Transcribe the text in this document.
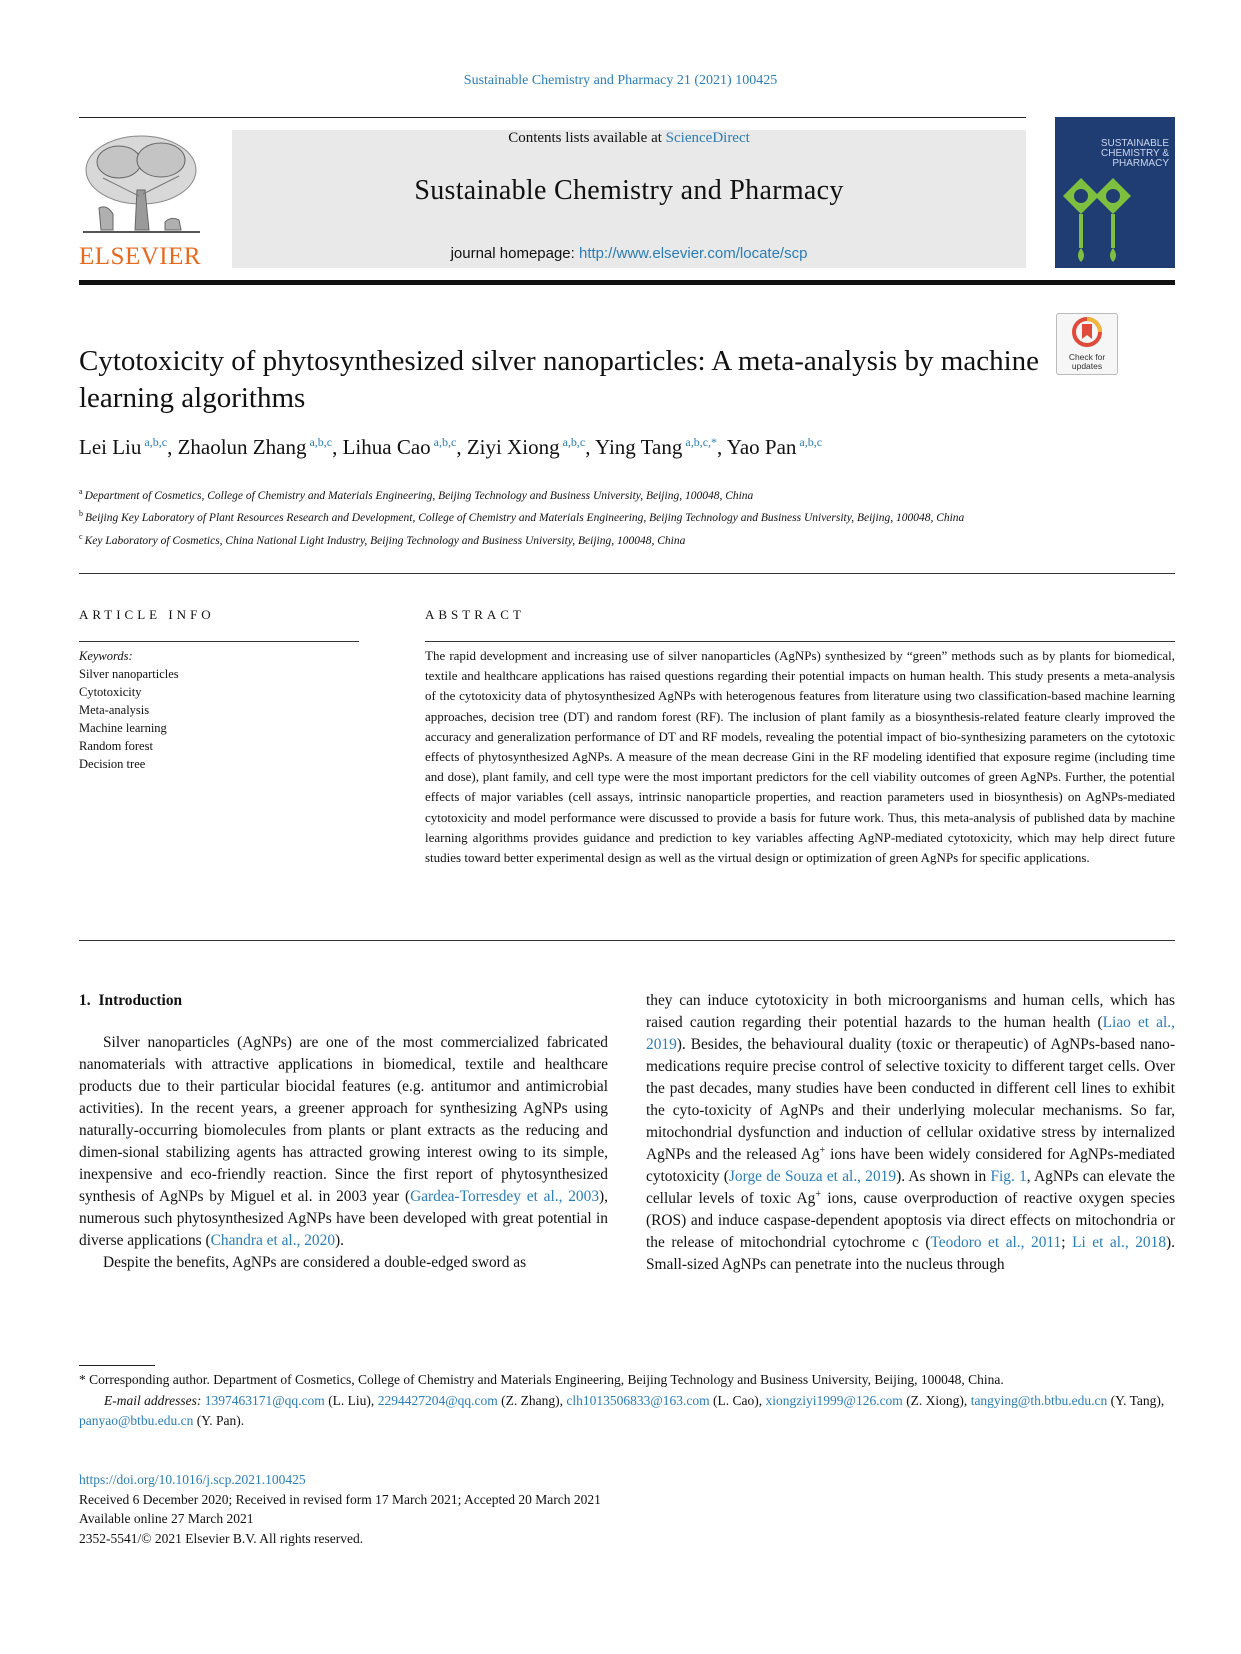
Sustainable Chemistry and Pharmacy 21 (2021) 100425
ELSEVIER
Contents lists available at ScienceDirect
Sustainable Chemistry and Pharmacy
journal homepage: http://www.elsevier.com/locate/scp
SUSTAINABLE CHEMISTRY & PHARMACY
Check for
updates
Cytotoxicity of phytosynthesized silver nanoparticles: A meta-analysis by machine learning algorithms
Lei Liu $^{a,b,c}$, Zhaolun Zhang $^{a,b,c}$, Lihua Cao $^{a,b,c}$, Ziyi Xiong $^{a,b,c}$, Ying Tang $^{a,b,c,*}$, Yao Pan $^{a,b,c}$
$^a$ Department of Cosmetics, College of Chemistry and Materials Engineering, Beijing Technology and Business University, Beijing, 100048, China
$^b$ Beijing Key Laboratory of Plant Resources Research and Development, College of Chemistry and Materials Engineering, Beijing Technology and Business University, Beijing, 100048, China
$^c$ Key Laboratory of Cosmetics, China National Light Industry, Beijing Technology and Business University, Beijing, 100048, China
ARTICLE INFO	ABSTRACT
Keywords:
Silver nanoparticles
Cytotoxicity
Meta-analysis
Machine learning
Random forest
Decision tree
The rapid development and increasing use of silver nanoparticles (AgNPs) synthesized by “green” methods such as by plants for biomedical, textile and healthcare applications has raised questions regarding their potential impacts on human health. This study presents a meta-analysis of the cytotoxicity data of phytosynthesized AgNPs with heterogenous features from literature using two classification-based machine learning approaches, decision tree (DT) and random forest (RF). The inclusion of plant family as a biosynthesis-related feature clearly improved the accuracy and generalization performance of DT and RF models, revealing the potential impact of bio-synthesizing parameters on the cytotoxic effects of phytosynthesized AgNPs. A measure of the mean decrease Gini in the RF modeling identified that exposure regime (including time and dose), plant family, and cell type were the most important predictors for the cell viability outcomes of green AgNPs. Further, the potential effects of major variables (cell assays, intrinsic nanoparticle properties, and reaction parameters used in biosynthesis) on AgNPs-mediated cytotoxicity and model performance were discussed to provide a basis for future work. Thus, this meta-analysis of published data by machine learning algorithms provides guidance and prediction to key variables affecting AgNP-mediated cytotoxicity, which may help direct future studies toward better experimental design as well as the virtual design or optimization of green AgNPs for specific applications.
1. Introduction

Silver nanoparticles (AgNPs) are one of the most commercialized fabricated nanomaterials with attractive applications in biomedical, textile and healthcare products due to their particular biocidal features (e.g. antitumor and antimicrobial activities). In the recent years, a greener approach for synthesizing AgNPs using naturally-occurring biomolecules from plants or plant extracts as the reducing and dimen-sional stabilizing agents has attracted growing interest owing to its simple, inexpensive and eco-friendly reaction. Since the first report of phytosynthesized synthesis of AgNPs by Miguel et al. in 2003 year (Gardea-Torresdey et al., 2003), numerous such phytosynthesized AgNPs have been developed with great potential in diverse applications (Chandra et al., 2020).

Despite the benefits, AgNPs are considered a double-edged sword as

they can induce cytotoxicity in both microorganisms and human cells, which has raised caution regarding their potential hazards to the human health (Liao et al., 2019). Besides, the behavioural duality (toxic or therapeutic) of AgNPs-based nano-medications require precise control of selective toxicity to different target cells. Over the past decades, many studies have been conducted in different cell lines to exhibit the cyto-toxicity of AgNPs and their underlying molecular mechanisms. So far, mitochondrial dysfunction and induction of cellular oxidative stress by internalized AgNPs and the released Ag+ ions have been widely considered for AgNPs-mediated cytotoxicity (Jorge de Souza et al., 2019). As shown in Fig. 1, AgNPs can elevate the cellular levels of toxic Ag+ ions, cause overproduction of reactive oxygen species (ROS) and induce caspase-dependent apoptosis via direct effects on mitochondria or the release of mitochondrial cytochrome c (Teodoro et al., 2011; Li et al., 2018). Small-sized AgNPs can penetrate into the nucleus through

* Corresponding author. Department of Cosmetics, College of Chemistry and Materials Engineering, Beijing Technology and Business University, Beijing, 100048, China.
E-mail addresses: 1397463171@qq.com (L. Liu), 2294427204@qq.com (Z. Zhang), clh1013506833@163.com (L. Cao), xiongziyi1999@126.com (Z. Xiong), tangying@th.btbu.edu.cn (Y. Tang), panyao@btbu.edu.cn (Y. Pan).
https://doi.org/10.1016/j.scp.2021.100425
Received 6 December 2020; Received in revised form 17 March 2021; Accepted 20 March 2021
Available online 27 March 2021
2352-5541/© 2021 Elsevier B.V. All rights reserved.
